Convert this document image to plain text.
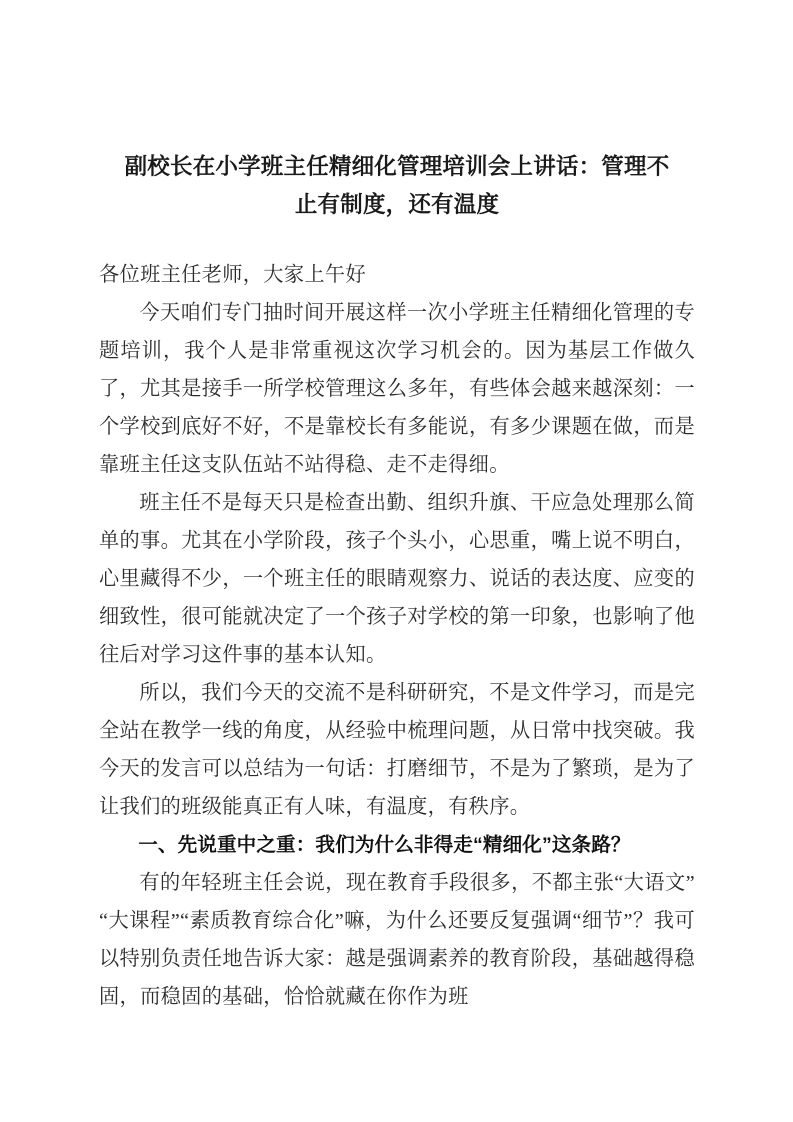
副校长在小学班主任精细化管理培训会上讲话：管理不
止有制度，还有温度

各位班主任老师，大家上午好

今天咱们专门抽时间开展这样一次小学班主任精细化管理的专题培训，我个人是非常重视这次学习机会的。因为基层工作做久了，尤其是接手一所学校管理这么多年，有些体会越来越深刻：一个学校到底好不好，不是靠校长有多能说，有多少课题在做，而是靠班主任这支队伍站不站得稳、走不走得细。

班主任不是每天只是检查出勤、组织升旗、干应急处理那么简单的事。尤其在小学阶段，孩子个头小，心思重，嘴上说不明白，心里藏得不少，一个班主任的眼睛观察力、说话的表达度、应变的细致性，很可能就决定了一个孩子对学校的第一印象，也影响了他往后对学习这件事的基本认知。

所以，我们今天的交流不是科研研究，不是文件学习，而是完全站在教学一线的角度，从经验中梳理问题，从日常中找突破。我今天的发言可以总结为一句话：打磨细节，不是为了繁琐，是为了让我们的班级能真正有人味，有温度，有秩序。

一、先说重中之重：我们为什么非得走“精细化”这条路？

有的年轻班主任会说，现在教育手段很多，不都主张“大语文”“大课程”“素质教育综合化”嘛，为什么还要反复强调“细节”？我可以特别负责任地告诉大家：越是强调素养的教育阶段，基础越得稳固，而稳固的基础，恰恰就藏在你作为班
